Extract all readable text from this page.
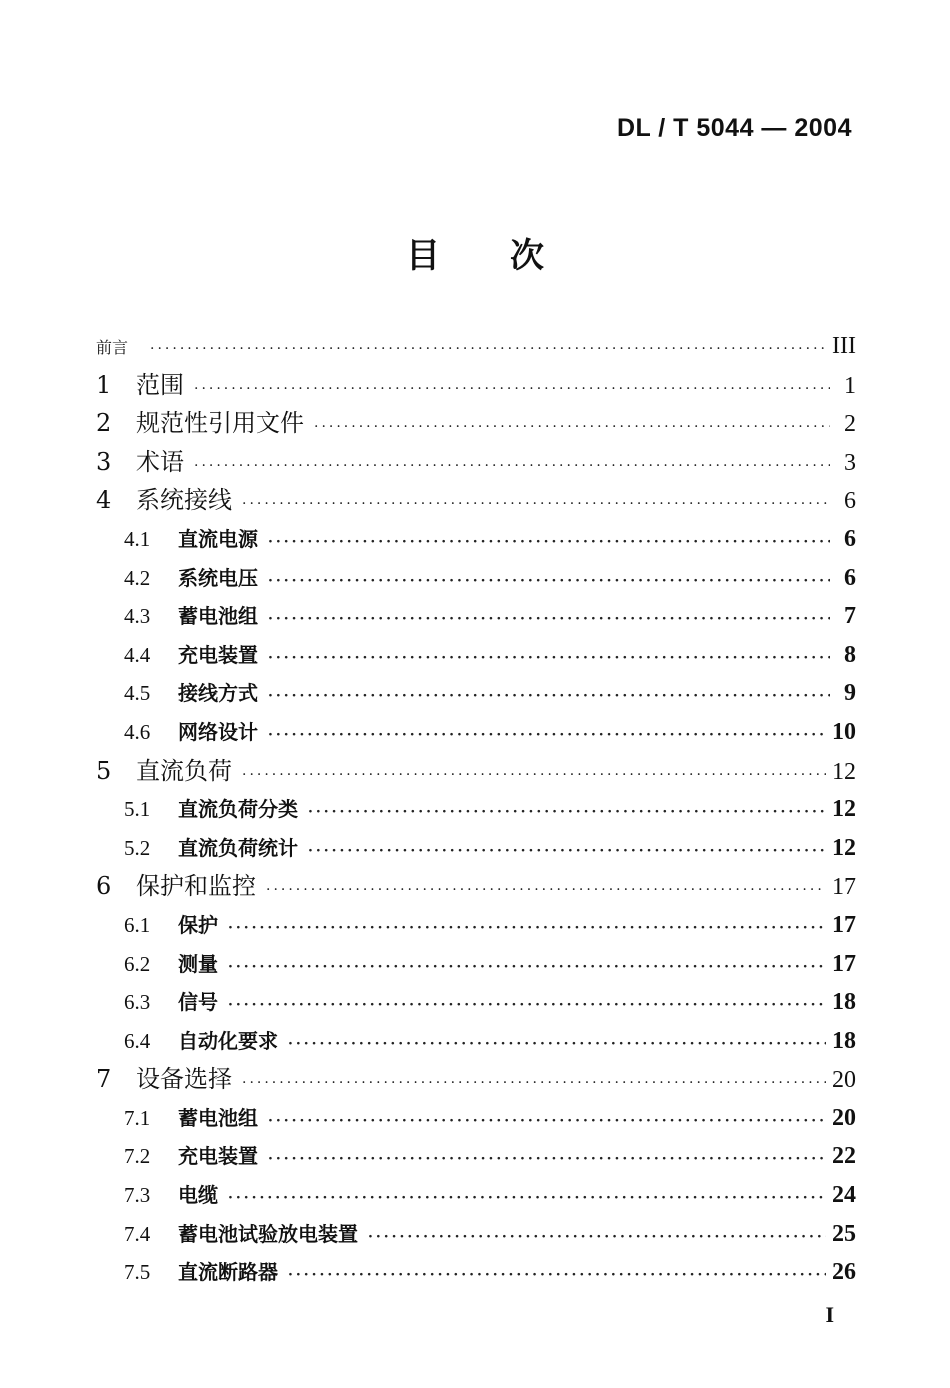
DL / T 5044 — 2004
目 次
前言 ·····	III
1	范围 ·····	1
2	规范性引用文件 ·····	2
3	术语 ·····	3
4	系统接线 ·····	6
4.1	直流电源 ·····	6
4.2	系统电压 ·····	6
4.3	蓄电池组 ·····	7
4.4	充电装置 ·····	8
4.5	接线方式 ·····	9
4.6	网络设计 ·····	10
5	直流负荷 ·····	12
5.1	直流负荷分类 ·····	12
5.2	直流负荷统计 ·····	12
6	保护和监控 ·····	17
6.1	保护 ·····	17
6.2	测量 ·····	17
6.3	信号 ·····	18
6.4	自动化要求 ·····	18
7	设备选择 ·····	20
7.1	蓄电池组 ·····	20
7.2	充电装置 ·····	22
7.3	电缆 ·····	24
7.4	蓄电池试验放电装置 ·····	25
7.5	直流断路器 ·····	26
I
